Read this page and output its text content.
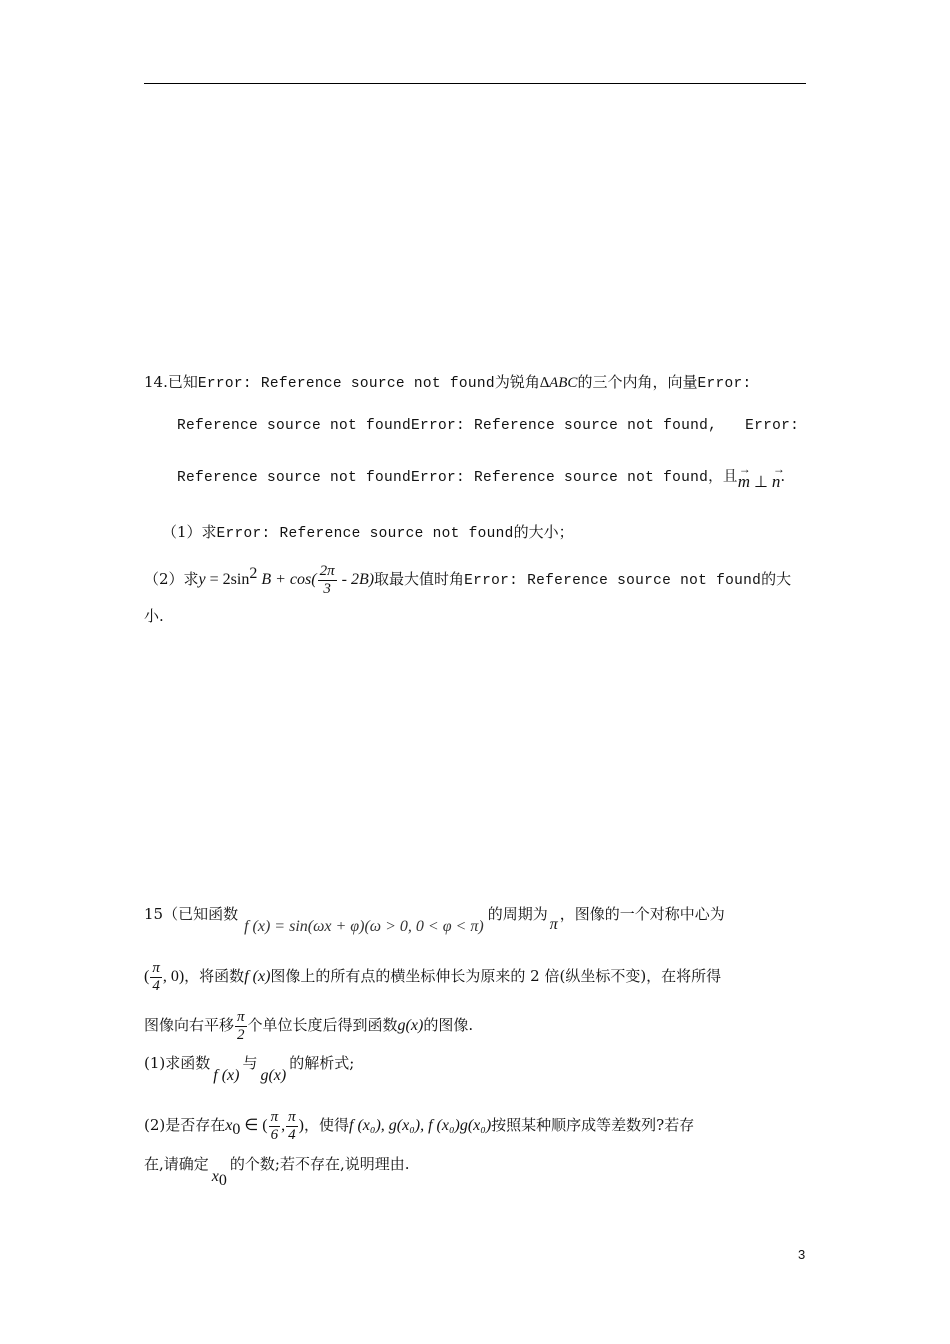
14.已知Error: Reference source not found为锐角∆ABC的三个内角，向量Error:
Reference source not foundError: Reference source not found, Error:
Reference source not foundError: Reference source not found，且→ m ⊥→ n.
（1）求Error: Reference source not found的大小；
（2）求$y = 2\sin^2$ $B + \cos( \frac{2\pi}{3} - 2B)$取最大值时角Error: Reference source not found的大
小.
15（已知函数f (x) = sin(ωx + φ)(ω > 0, 0 < φ < π)的周期为π，图像的一个对称中心为
( $\frac{\pi}{4}$ , 0)，将函数f (x)图像上的所有点的横坐标伸长为原来的 2 倍(纵坐标不变)，在将所得
图像向右平移 $\frac{\pi}{2}$ 个单位长度后得到函数g(x)的图像.
(1)求函数f (x)与g(x)的解析式;
(2)是否存在$x_0$ ∈ ( $\frac{\pi}{6}$ , $\frac{\pi}{4}$ )，使得f (x₀), g(x₀), f (x₀)g(x₀)按照某种顺序成等差数列?若存
在,请确定$x_0$的个数;若不存在,说明理由.
3
